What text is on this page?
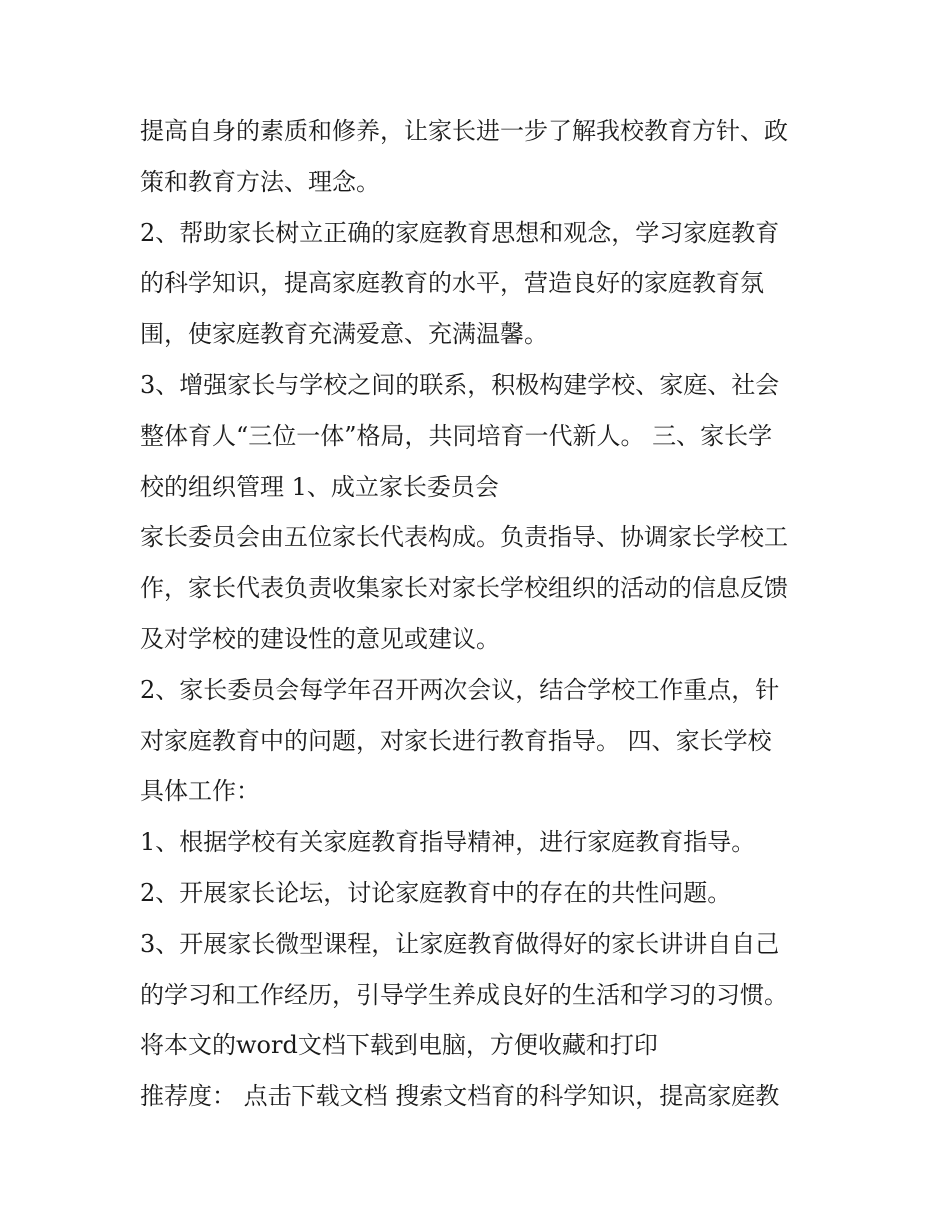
提高自身的素质和修养，让家长进一步了解我校教育方针、政
策和教育方法、理念。
2、帮助家长树立正确的家庭教育思想和观念，学习家庭教育
的科学知识，提高家庭教育的水平，营造良好的家庭教育氛
围，使家庭教育充满爱意、充满温馨。
3、增强家长与学校之间的联系，积极构建学校、家庭、社会
整体育人“三位一体”格局，共同培育一代新人。 三、家长学
校的组织管理 1、成立家长委员会
家长委员会由五位家长代表构成。负责指导、协调家长学校工
作，家长代表负责收集家长对家长学校组织的活动的信息反馈
及对学校的建设性的意见或建议。
2、家长委员会每学年召开两次会议，结合学校工作重点，针
对家庭教育中的问题，对家长进行教育指导。 四、家长学校
具体工作：
1、根据学校有关家庭教育指导精神，进行家庭教育指导。
2、开展家长论坛，讨论家庭教育中的存在的共性问题。
3、开展家长微型课程，让家庭教育做得好的家长讲讲自自己
的学习和工作经历，引导学生养成良好的生活和学习的习惯。
将本文的word文档下载到电脑，方便收藏和打印
推荐度： 点击下载文档 搜索文档育的科学知识，提高家庭教
